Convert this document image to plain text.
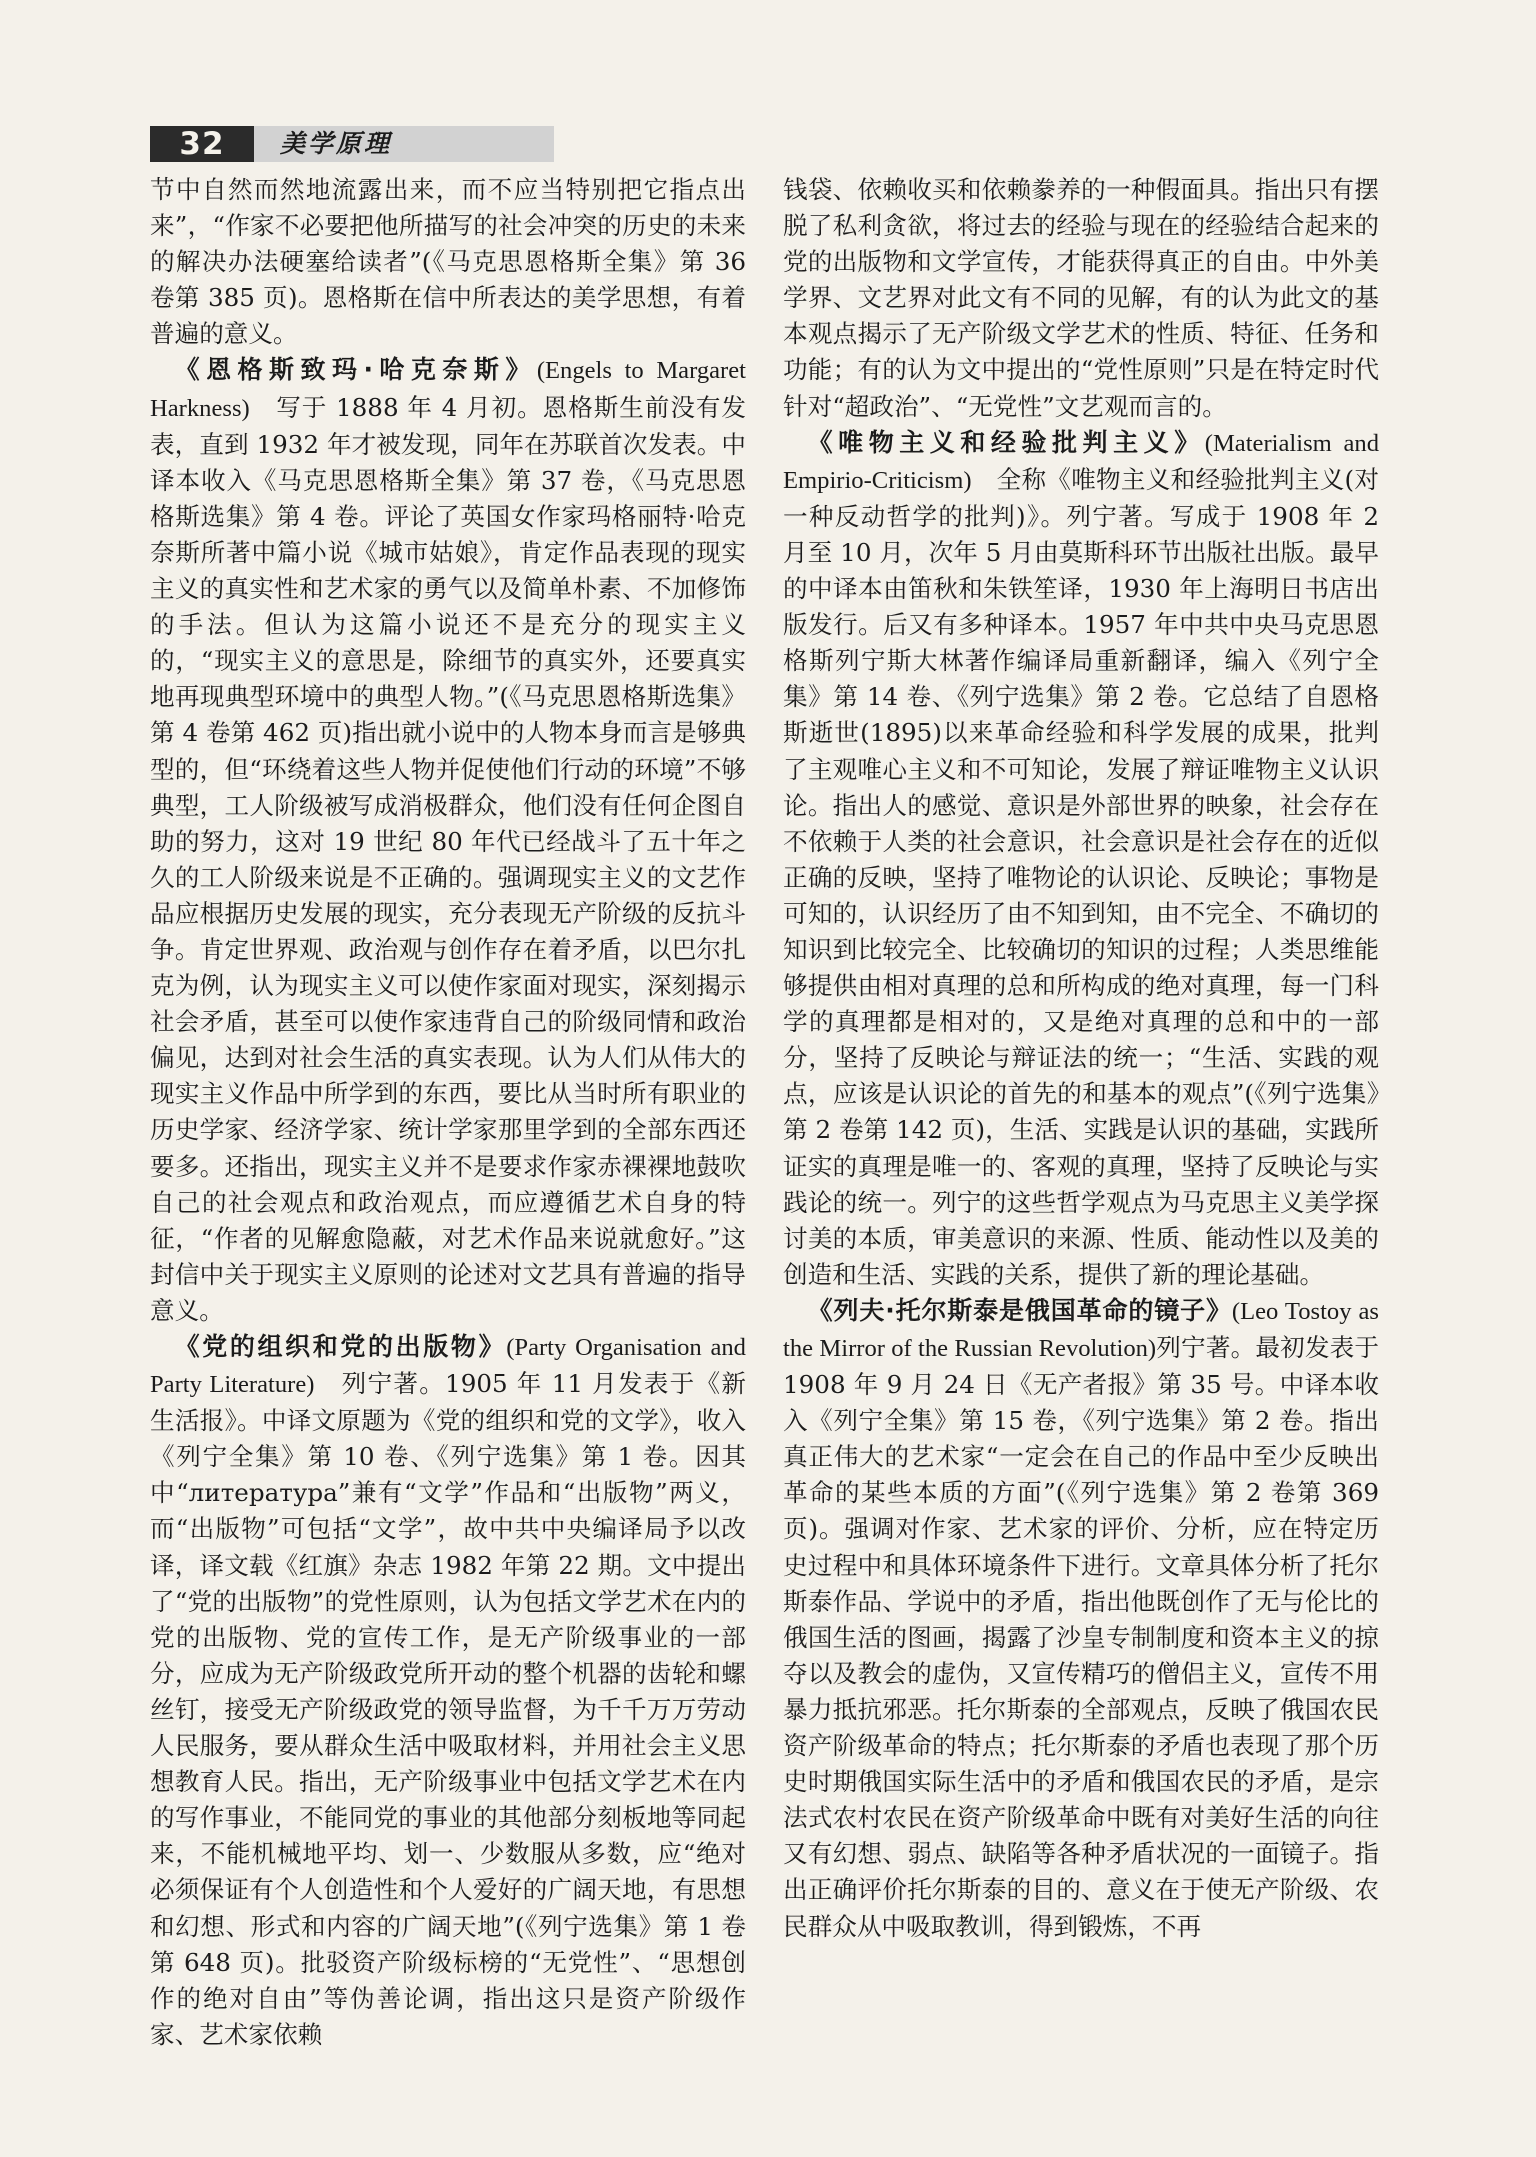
32	美学原理

节中自然而然地流露出来，而不应当特别把它指点出来”，“作家不必要把他所描写的社会冲突的历史的未来的解决办法硬塞给读者”(《马克思恩格斯全集》第 36 卷第 385 页)。恩格斯在信中所表达的美学思想，有着普遍的意义。

《恩格斯致玛·哈克奈斯》(Engels to Margaret Harkness)　写于 1888 年 4 月初。恩格斯生前没有发表，直到 1932 年才被发现，同年在苏联首次发表。中译本收入《马克思恩格斯全集》第 37 卷，《马克思恩格斯选集》第 4 卷。评论了英国女作家玛格丽特·哈克奈斯所著中篇小说《城市姑娘》，肯定作品表现的现实主义的真实性和艺术家的勇气以及简单朴素、不加修饰的手法。但认为这篇小说还不是充分的现实主义的，“现实主义的意思是，除细节的真实外，还要真实地再现典型环境中的典型人物。”(《马克思恩格斯选集》第 4 卷第 462 页)指出就小说中的人物本身而言是够典型的，但“环绕着这些人物并促使他们行动的环境”不够典型，工人阶级被写成消极群众，他们没有任何企图自助的努力，这对 19 世纪 80 年代已经战斗了五十年之久的工人阶级来说是不正确的。强调现实主义的文艺作品应根据历史发展的现实，充分表现无产阶级的反抗斗争。肯定世界观、政治观与创作存在着矛盾，以巴尔扎克为例，认为现实主义可以使作家面对现实，深刻揭示社会矛盾，甚至可以使作家违背自己的阶级同情和政治偏见，达到对社会生活的真实表现。认为人们从伟大的现实主义作品中所学到的东西，要比从当时所有职业的历史学家、经济学家、统计学家那里学到的全部东西还要多。还指出，现实主义并不是要求作家赤裸裸地鼓吹自己的社会观点和政治观点，而应遵循艺术自身的特征，“作者的见解愈隐蔽，对艺术作品来说就愈好。”这封信中关于现实主义原则的论述对文艺具有普遍的指导意义。

《党的组织和党的出版物》(Party Organisation and Party Literature)　列宁著。1905 年 11 月发表于《新生活报》。中译文原题为《党的组织和党的文学》，收入《列宁全集》第 10 卷、《列宁选集》第 1 卷。因其中“литература”兼有“文学”作品和“出版物”两义，而“出版物”可包括“文学”，故中共中央编译局予以改译，译文载《红旗》杂志 1982 年第 22 期。文中提出了“党的出版物”的党性原则，认为包括文学艺术在内的党的出版物、党的宣传工作，是无产阶级事业的一部分，应成为无产阶级政党所开动的整个机器的齿轮和螺丝钉，接受无产阶级政党的领导监督，为千千万万劳动人民服务，要从群众生活中吸取材料，并用社会主义思想教育人民。指出，无产阶级事业中包括文学艺术在内的写作事业，不能同党的事业的其他部分刻板地等同起来，不能机械地平均、划一、少数服从多数，应“绝对必须保证有个人创造性和个人爱好的广阔天地，有思想和幻想、形式和内容的广阔天地”(《列宁选集》第 1 卷第 648 页)。批驳资产阶级标榜的“无党性”、“思想创作的绝对自由”等伪善论调，指出这只是资产阶级作家、艺术家依赖

钱袋、依赖收买和依赖豢养的一种假面具。指出只有摆脱了私利贪欲，将过去的经验与现在的经验结合起来的党的出版物和文学宣传，才能获得真正的自由。中外美学界、文艺界对此文有不同的见解，有的认为此文的基本观点揭示了无产阶级文学艺术的性质、特征、任务和功能；有的认为文中提出的“党性原则”只是在特定时代针对“超政治”、“无党性”文艺观而言的。

《唯物主义和经验批判主义》(Materialism and Empirio-Criticism)　全称《唯物主义和经验批判主义(对一种反动哲学的批判)》。列宁著。写成于 1908 年 2 月至 10 月，次年 5 月由莫斯科环节出版社出版。最早的中译本由笛秋和朱铁笙译，1930 年上海明日书店出版发行。后又有多种译本。1957 年中共中央马克思恩格斯列宁斯大林著作编译局重新翻译，编入《列宁全集》第 14 卷、《列宁选集》第 2 卷。它总结了自恩格斯逝世(1895)以来革命经验和科学发展的成果，批判了主观唯心主义和不可知论，发展了辩证唯物主义认识论。指出人的感觉、意识是外部世界的映象，社会存在不依赖于人类的社会意识，社会意识是社会存在的近似正确的反映，坚持了唯物论的认识论、反映论；事物是可知的，认识经历了由不知到知，由不完全、不确切的知识到比较完全、比较确切的知识的过程；人类思维能够提供由相对真理的总和所构成的绝对真理，每一门科学的真理都是相对的，又是绝对真理的总和中的一部分，坚持了反映论与辩证法的统一；“生活、实践的观点，应该是认识论的首先的和基本的观点”(《列宁选集》第 2 卷第 142 页)，生活、实践是认识的基础，实践所证实的真理是唯一的、客观的真理，坚持了反映论与实践论的统一。列宁的这些哲学观点为马克思主义美学探讨美的本质，审美意识的来源、性质、能动性以及美的创造和生活、实践的关系，提供了新的理论基础。

《列夫·托尔斯泰是俄国革命的镜子》(Leo Tostoy as the Mirror of the Russian Revolution)列宁著。最初发表于 1908 年 9 月 24 日《无产者报》第 35 号。中译本收入《列宁全集》第 15 卷，《列宁选集》第 2 卷。指出真正伟大的艺术家“一定会在自己的作品中至少反映出革命的某些本质的方面”(《列宁选集》第 2 卷第 369 页)。强调对作家、艺术家的评价、分析，应在特定历史过程中和具体环境条件下进行。文章具体分析了托尔斯泰作品、学说中的矛盾，指出他既创作了无与伦比的俄国生活的图画，揭露了沙皇专制制度和资本主义的掠夺以及教会的虚伪，又宣传精巧的僧侣主义，宣传不用暴力抵抗邪恶。托尔斯泰的全部观点，反映了俄国农民资产阶级革命的特点；托尔斯泰的矛盾也表现了那个历史时期俄国实际生活中的矛盾和俄国农民的矛盾，是宗法式农村农民在资产阶级革命中既有对美好生活的向往又有幻想、弱点、缺陷等各种矛盾状况的一面镜子。指出正确评价托尔斯泰的目的、意义在于使无产阶级、农民群众从中吸取教训，得到锻炼，不再
